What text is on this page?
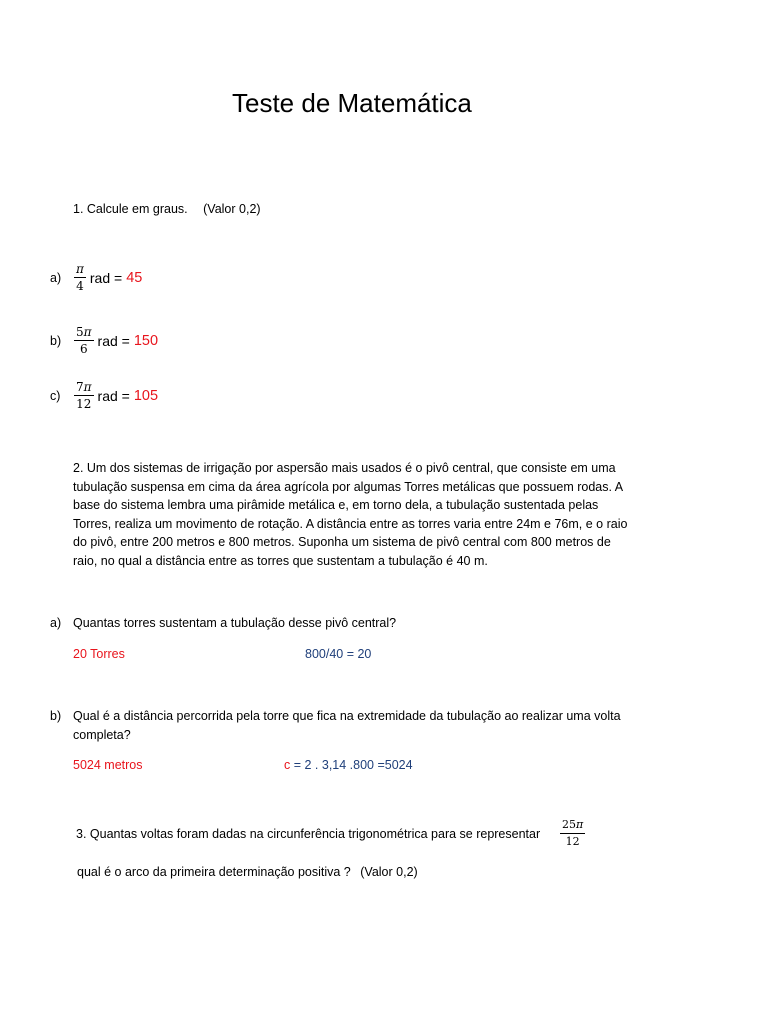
Teste de Matemática
1. Calcule em graus. (Valor 0,2)
a)	$\frac{\pi}{4}$ rad = 45
b)	$\frac{5\pi}{6}$ rad = 150
c)	$\frac{7\pi}{12}$ rad = 105
2. Um dos sistemas de irrigação por aspersão mais usados é o pivô central, que consiste em uma
tubulação suspensa em cima da área agrícola por algumas Torres metálicas que possuem rodas. A
base do sistema lembra uma pirâmide metálica e, em torno dela, a tubulação sustentada pelas
Torres, realiza um movimento de rotação. A distância entre as torres varia entre 24m e 76m, e o raio
do pivô, entre 200 metros e 800 metros. Suponha um sistema de pivô central com 800 metros de
raio, no qual a distância entre as torres que sustentam a tubulação é 40 m.
a) Quantas torres sustentam a tubulação desse pivô central?
20 Torres	800/40 = 20
b) Qual é a distância percorrida pela torre que fica na extremidade da tubulação ao realizar uma volta
completa?
5024 metros	c = 2 . 3,14 .800 =5024
3. Quantas voltas foram dadas na circunferência trigonométrica para se representar $\frac{25\pi}{12}$
qual é o arco da primeira determinação positiva ? (Valor 0,2)
